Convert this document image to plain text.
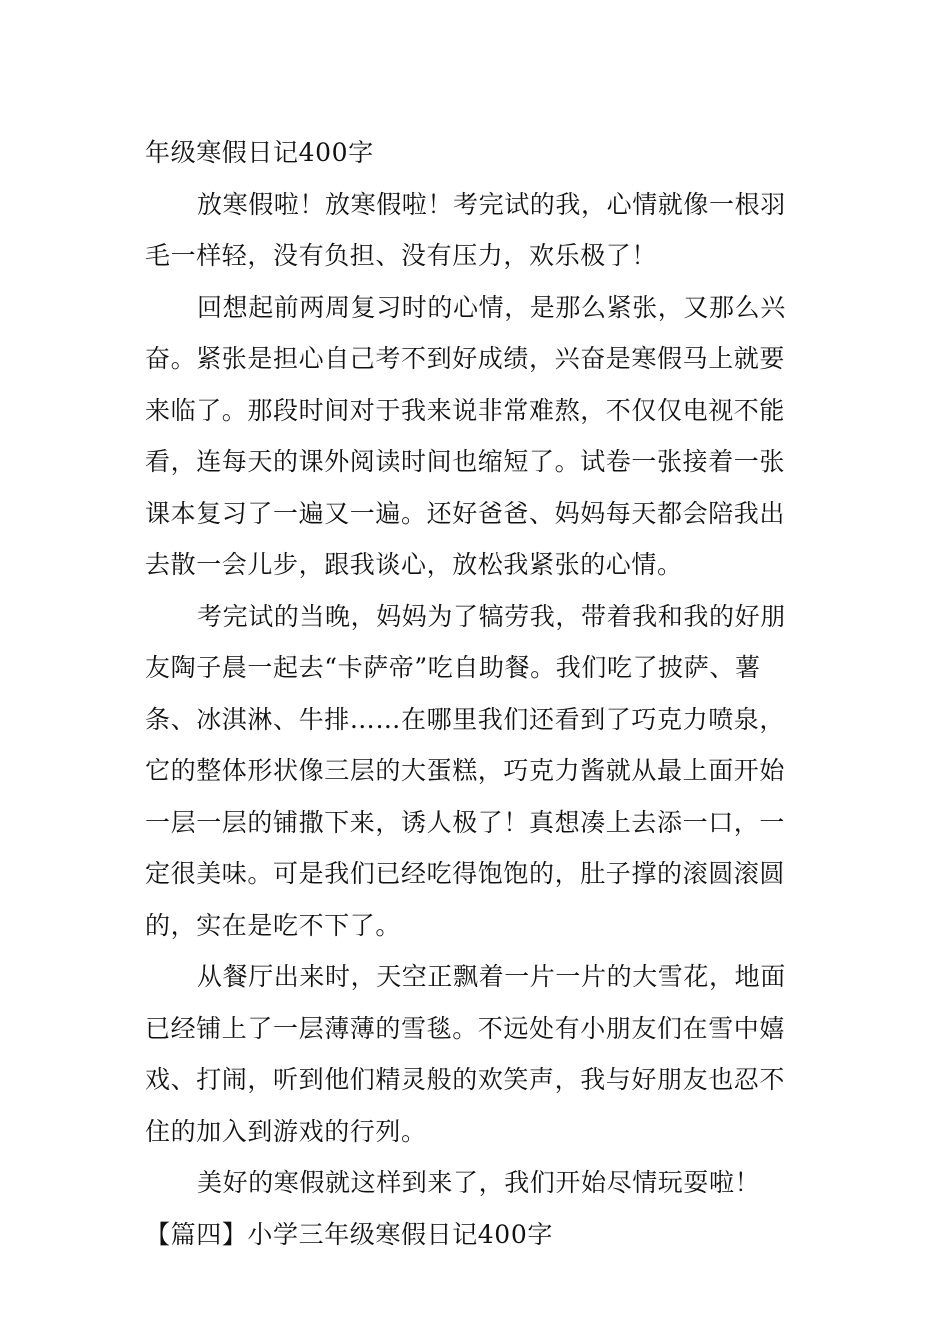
年级寒假日记400字

放寒假啦！放寒假啦！考完试的我，心情就像一根羽

毛一样轻，没有负担、没有压力，欢乐极了！

回想起前两周复习时的心情，是那么紧张，又那么兴

奋。紧张是担心自己考不到好成绩，兴奋是寒假马上就要

来临了。那段时间对于我来说非常难熬，不仅仅电视不能

看，连每天的课外阅读时间也缩短了。试卷一张接着一张

课本复习了一遍又一遍。还好爸爸、妈妈每天都会陪我出

去散一会儿步，跟我谈心，放松我紧张的心情。

考完试的当晚，妈妈为了犒劳我，带着我和我的好朋

友陶子晨一起去“卡萨帝”吃自助餐。我们吃了披萨、薯

条、冰淇淋、牛排……在哪里我们还看到了巧克力喷泉，

它的整体形状像三层的大蛋糕，巧克力酱就从最上面开始

一层一层的铺撒下来，诱人极了！真想凑上去添一口，一

定很美味。可是我们已经吃得饱饱的，肚子撑的滚圆滚圆

的，实在是吃不下了。

从餐厅出来时，天空正飘着一片一片的大雪花，地面

已经铺上了一层薄薄的雪毯。不远处有小朋友们在雪中嬉

戏、打闹，听到他们精灵般的欢笑声，我与好朋友也忍不

住的加入到游戏的行列。

美好的寒假就这样到来了，我们开始尽情玩耍啦！

【篇四】小学三年级寒假日记400字
